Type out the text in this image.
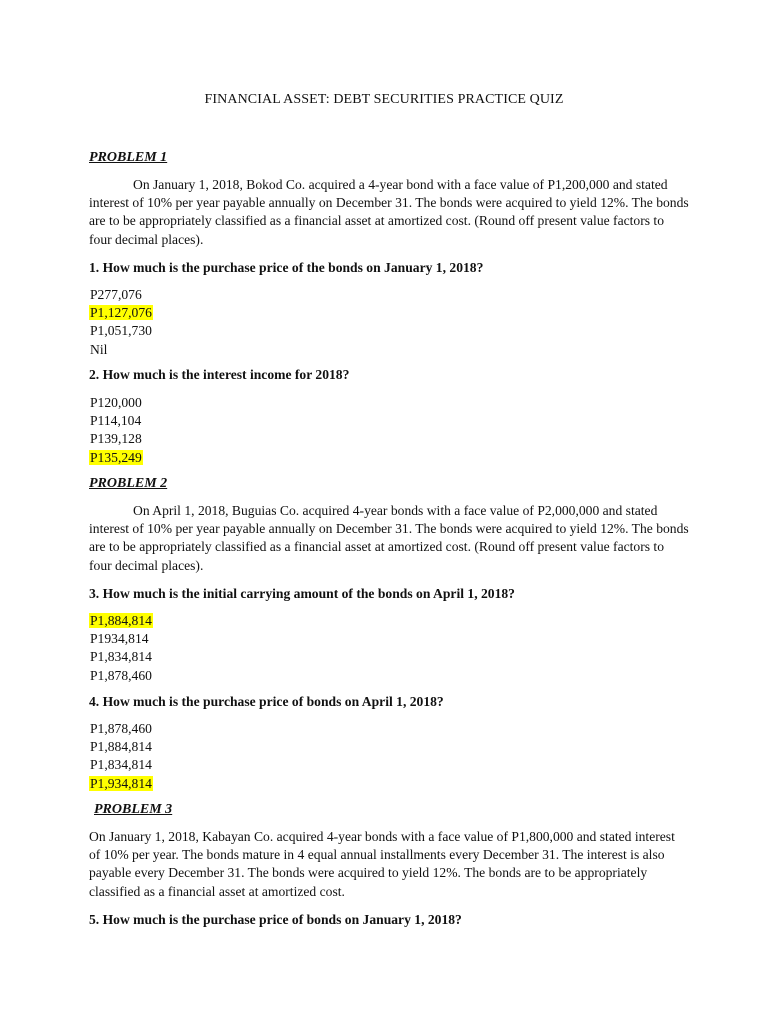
FINANCIAL ASSET: DEBT SECURITIES PRACTICE QUIZ
PROBLEM 1
On January 1, 2018, Bokod Co. acquired a 4-year bond with a face value of P1,200,000 and stated interest of 10% per year payable annually on December 31. The bonds were acquired to yield 12%. The bonds are to be appropriately classified as a financial asset at amortized cost. (Round off present value factors to four decimal places).
1. How much is the purchase price of the bonds on January 1, 2018?
P277,076
P1,127,076
P1,051,730
Nil
2. How much is the interest income for 2018?
P120,000
P114,104
P139,128
P135,249
PROBLEM 2
On April 1, 2018, Buguias Co. acquired 4-year bonds with a face value of P2,000,000 and stated interest of 10% per year payable annually on December 31. The bonds were acquired to yield 12%. The bonds are to be appropriately classified as a financial asset at amortized cost. (Round off present value factors to four decimal places).
3. How much is the initial carrying amount of the bonds on April 1, 2018?
P1,884,814
P1934,814
P1,834,814
P1,878,460
4. How much is the purchase price of bonds on April 1, 2018?
P1,878,460
P1,884,814
P1,834,814
P1,934,814
PROBLEM 3
On January 1, 2018, Kabayan Co. acquired 4-year bonds with a face value of P1,800,000 and stated interest of 10% per year. The bonds mature in 4 equal annual installments every December 31. The interest is also payable every December 31. The bonds were acquired to yield 12%. The bonds are to be appropriately classified as a financial asset at amortized cost.
5. How much is the purchase price of bonds on January 1, 2018?
